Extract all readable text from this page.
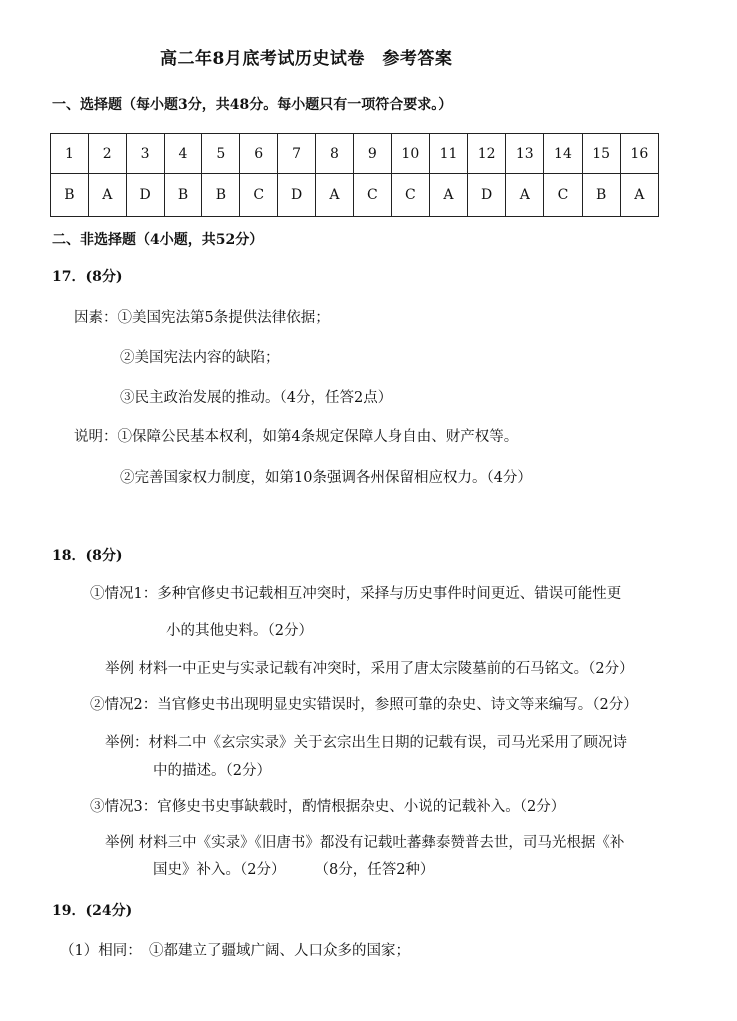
高二年8月底考试历史试卷　参考答案
一、选择题（每小题3分，共48分。每小题只有一项符合要求。）
1	2	3	4	5	6	7	8	9	10	11	12	13	14	15	16
B	A	D	B	B	C	D	A	C	C	A	D	A	C	B	A
二、非选择题（4小题，共52分）
17．(8分)
因素：①美国宪法第5条提供法律依据；
②美国宪法内容的缺陷；
③民主政治发展的推动。（4分，任答2点）
说明：①保障公民基本权利，如第4条规定保障人身自由、财产权等。
②完善国家权力制度，如第10条强调各州保留相应权力。（4分）
18．(8分)
①情况1：多种官修史书记载相互冲突时，采择与历史事件时间更近、错误可能性更
小的其他史料。（2分）
举例 材料一中正史与实录记载有冲突时，采用了唐太宗陵墓前的石马铭文。（2分）
②情况2：当官修史书出现明显史实错误时，参照可靠的杂史、诗文等来编写。（2分）
举例：材料二中《玄宗实录》关于玄宗出生日期的记载有误，司马光采用了顾况诗
中的描述。（2分）
③情况3：官修史书史事缺载时，酌情根据杂史、小说的记载补入。（2分）
举例 材料三中《实录》《旧唐书》都没有记载吐蕃彝泰赞普去世，司马光根据《补
国史》补入。（2分）　　　（8分，任答2种）
19．(24分)
（1）相同：　①都建立了疆域广阔、人口众多的国家；
